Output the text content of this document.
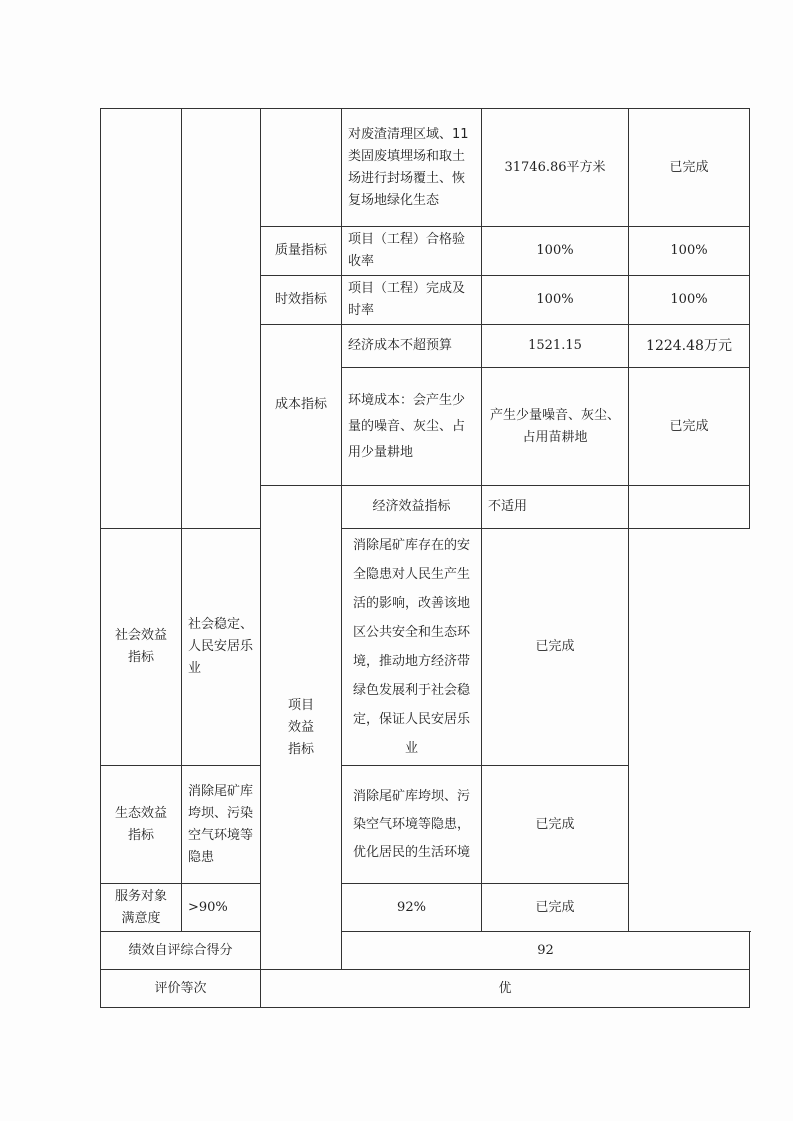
			对废渣清理区域、11类固废填埋场和取土场进行封场覆土、恢复场地绿化生态	31746.86平方米	已完成	
		质量指标	项目（工程）合格验收率	100%	100%	
		时效指标	项目（工程）完成及时率	100%	100%	
		成本指标	经济成本不超预算	1521.15	1224.48万元	
			环境成本：会产生少量的噪音、灰尘、占用少量耕地	产生少量噪音、灰尘、占用苗耕地	已完成	
		项目效益指标	经济效益指标	不适用		
社会效益指标	社会稳定、人民安居乐业		消除尾矿库存在的安全隐患对人民生产生活的影响，改善该地区公共安全和生态环境，推动地方经济带绿色发展利于社会稳定，保证人民安居乐业	已完成		
生态效益指标	消除尾矿库垮坝、污染空气环境等隐患		消除尾矿库垮坝、污染空气环境等隐患，优化居民的生活环境	已完成		
服务对象满意度	>90%		92%	已完成		
绩效自评综合得分			92			
评价等次		优				
